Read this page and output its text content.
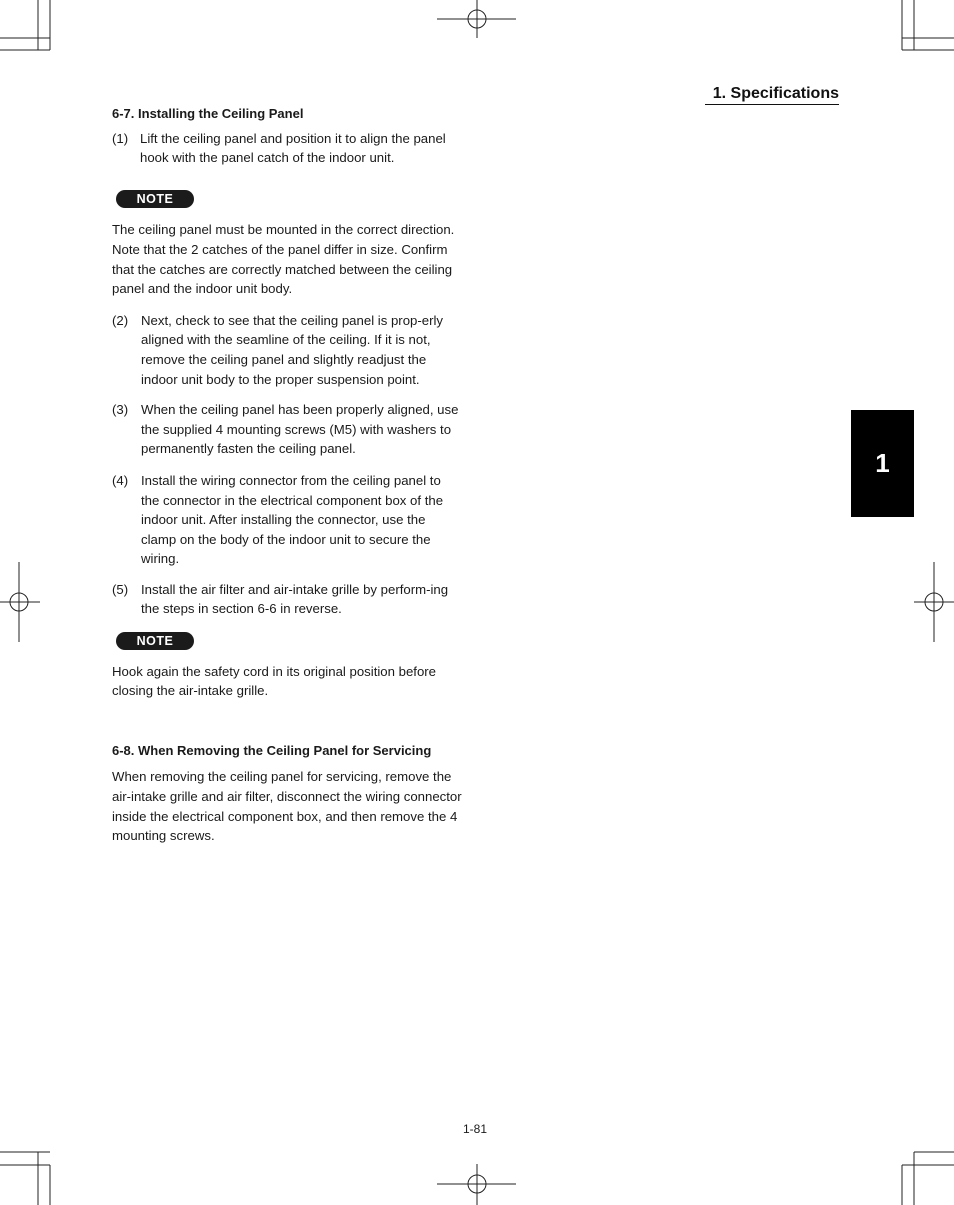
1. Specifications
1

6-7. Installing the Ceiling Panel

(1) Lift the ceiling panel and position it to align the panel hook with the panel catch of the indoor unit.
NOTE

The ceiling panel must be mounted in the correct direction. Note that the 2 catches of the panel differ in size. Confirm that the catches are correctly matched between the ceiling panel and the indoor unit body.

(2) Next, check to see that the ceiling panel is prop-erly aligned with the seamline of the ceiling. If it is not, remove the ceiling panel and slightly readjust the indoor unit body to the proper suspension point.
(3) When the ceiling panel has been properly aligned, use the supplied 4 mounting screws (M5) with washers to permanently fasten the ceiling panel.
(4) Install the wiring connector from the ceiling panel to the connector in the electrical component box of the indoor unit. After installing the connector, use the clamp on the body of the indoor unit to secure the wiring.
(5) Install the air filter and air-intake grille by perform-ing the steps in section 6-6 in reverse.
NOTE

Hook again the safety cord in its original position before closing the air-intake grille.

6-8. When Removing the Ceiling Panel for Servicing

When removing the ceiling panel for servicing, remove the air-intake grille and air filter, disconnect the wiring connector inside the electrical component box, and then remove the 4 mounting screws.

1-81
